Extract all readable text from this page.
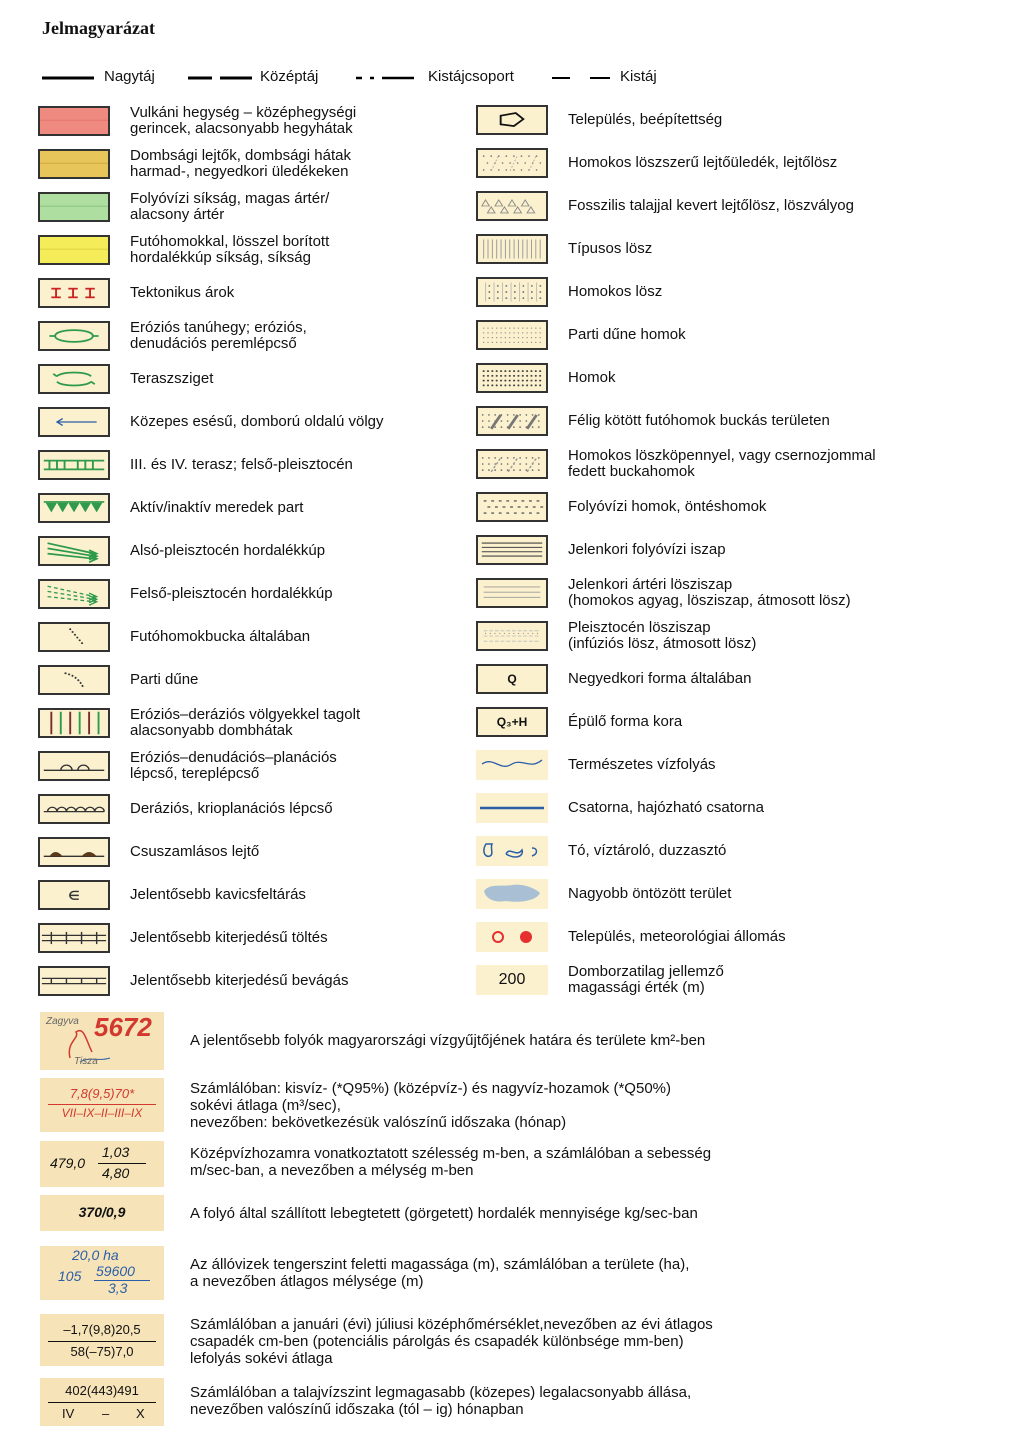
Jelmagyarázat
Nagytáj	Középtáj	Kistájcsoport	Kistáj
Vulkáni hegység – középhegységi
gerincek, alacsonyabb hegyhátak
Dombsági lejtők, dombsági hátak
harmad-, negyedkori üledékeken
Folyóvízi síkság, magas ártér/
alacsony ártér
Futóhomokkal, lösszel borított
hordalékkúp síkság, síkság
Tektonikus árok
Eróziós tanúhegy; eróziós,
denudációs peremlépcső
Teraszsziget
Közepes esésű, domború oldalú völgy
III. és IV. terasz; felső-pleisztocén
Aktív/inaktív meredek part
Alsó-pleisztocén hordalékkúp
Felső-pleisztocén hordalékkúp
Futóhomokbucka általában
Parti dűne
Eróziós–deráziós völgyekkel tagolt
alacsonyabb dombhátak
Eróziós–denudációs–planációs
lépcső, tereplépcső
Deráziós, krioplanációs lépcső
Csuszamlásos lejtő
∈	Jelentősebb kavicsfeltárás
Jelentősebb kiterjedésű töltés
Jelentősebb kiterjedésű bevágás
Település, beépítettség
Homokos löszszerű lejtőüledék, lejtőlösz
Fosszilis talajjal kevert lejtőlösz, löszvályog
Típusos lösz
Homokos lösz
Parti dűne homok
Homok
Félig kötött futóhomok buckás területen
Homokos löszköpennyel, vagy csernozjommal
fedett buckahomok
Folyóvízi homok, öntéshomok
Jelenkori folyóvízi iszap
Jelenkori ártéri lösziszap
(homokos agyag, lösziszap, átmosott lösz)
Pleisztocén lösziszap
(infúziós lösz, átmosott lösz)
Q	Negyedkori forma általában
Q₃+H	Épülő forma kora
Természetes vízfolyás
Csatorna, hajózható csatorna
Tó, víztároló, duzzasztó
Nagyobb öntözött terület
Település, meteorológiai állomás
200	Domborzatilag jellemző
magassági érték (m)
Zagyva 5672
Tisza
A jelentősebb folyók magyarországi vízgyűjtőjének határa és területe km²-ben
7,8(9,5)70*
VII–IX–II–III–IX
Számlálóban: kisvíz- (*Q95%) (középvíz-) és nagyvíz-hozamok (*Q50%)
sokévi átlaga (m³/sec),
nevezőben: bekövetkezésük valószínű időszaka (hónap)
479,0
1,03
4,80
Középvízhozamra vonatkoztatott szélesség m-ben, a számlálóban a sebesség
m/sec-ban, a nevezőben a mélység m-ben
370/0,9	A folyó által szállított lebegtetett (görgetett) hordalék mennyisége kg/sec-ban
20,0 ha
105 59600
3,3
Az állóvizek tengerszint feletti magassága (m), számlálóban a területe (ha),
a nevezőben átlagos mélysége (m)
–1,7(9,8)20,5
58(–75)7,0
Számlálóban a januári (évi) júliusi középhőmérséklet,nevezőben az évi átlagos
csapadék cm-ben (potenciális párolgás és csapadék különbsége mm-ben)
lefolyás sokévi átlaga
402(443)491
IV – X
Számlálóban a talajvízszint legmagasabb (közepes) legalacsonyabb állása,
nevezőben valószínű időszaka (tól – ig) hónapban
